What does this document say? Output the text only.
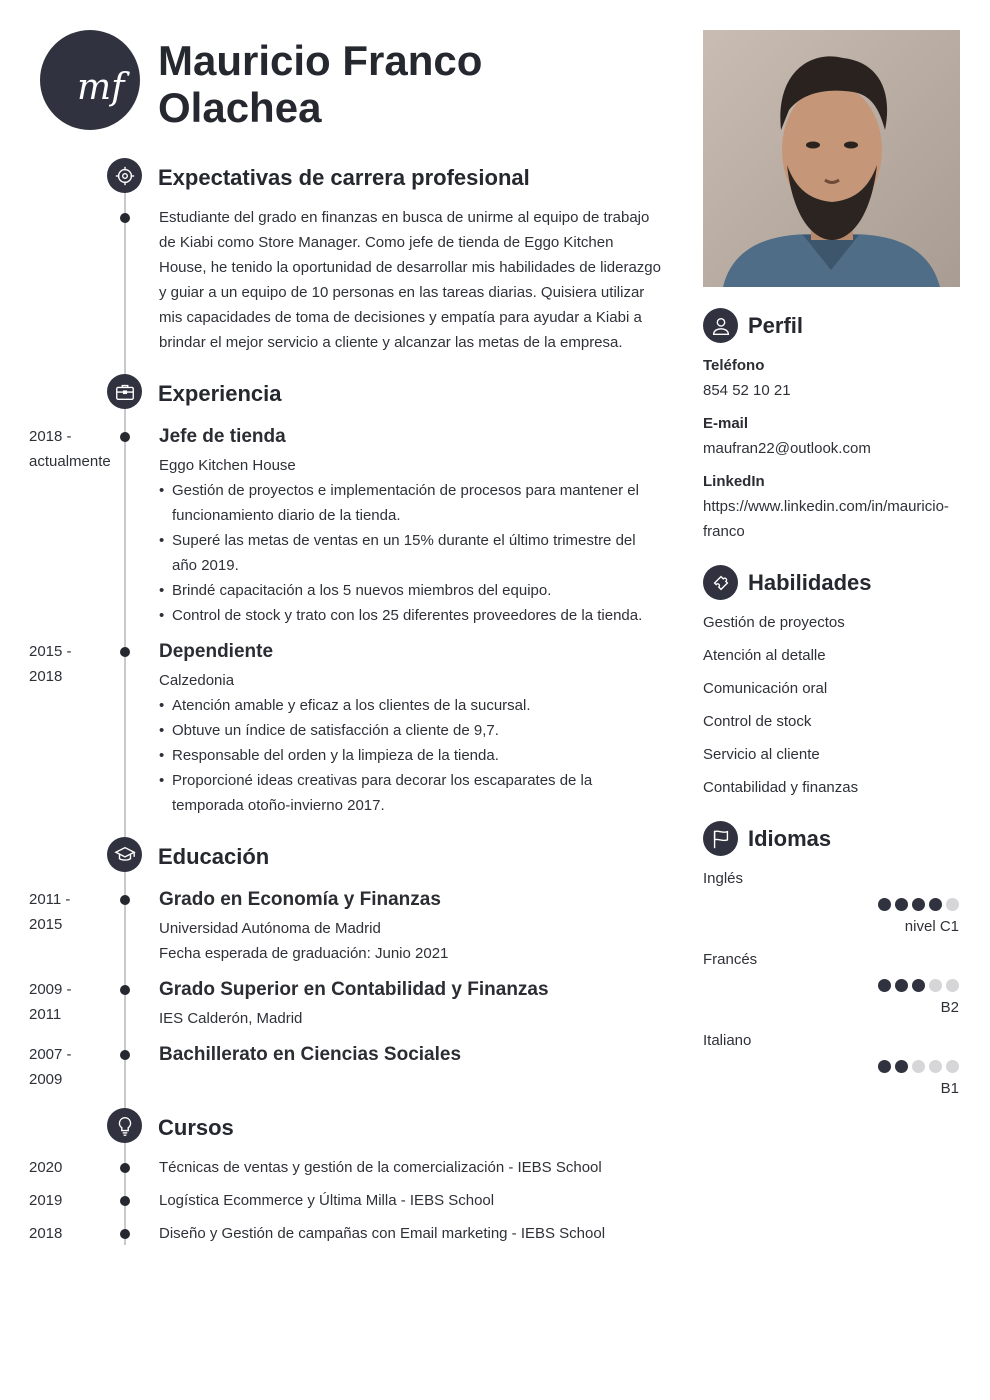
mf
Mauricio Franco
Olachea
Expectativas de carrera profesional
Estudiante del grado en finanzas en busca de unirme al equipo de trabajo
de Kiabi como Store Manager. Como jefe de tienda de Eggo Kitchen
House, he tenido la oportunidad de desarrollar mis habilidades de liderazgo
y guiar a un equipo de 10 personas en las tareas diarias. Quisiera utilizar
mis capacidades de toma de decisiones y empatía para ayudar a Kiabi a
brindar el mejor servicio a cliente y alcanzar las metas de la empresa.
Experiencia
2018 -
actualmente
Jefe de tienda
Eggo Kitchen House
• Gestión de proyectos e implementación de procesos para mantener el
funcionamiento diario de la tienda.
• Superé las metas de ventas en un 15% durante el último trimestre del
año 2019.
• Brindé capacitación a los 5 nuevos miembros del equipo.
• Control de stock y trato con los 25 diferentes proveedores de la tienda.
2015 -
2018
Dependiente
Calzedonia
• Atención amable y eficaz a los clientes de la sucursal.
• Obtuve un índice de satisfacción a cliente de 9,7.
• Responsable del orden y la limpieza de la tienda.
• Proporcioné ideas creativas para decorar los escaparates de la
temporada otoño-invierno 2017.
Educación
2011 -
2015
Grado en Economía y Finanzas
Universidad Autónoma de Madrid
Fecha esperada de graduación: Junio 2021
2009 -
2011
Grado Superior en Contabilidad y Finanzas
IES Calderón, Madrid
2007 -
2009
Bachillerato en Ciencias Sociales
Cursos
2020	Técnicas de ventas y gestión de la comercialización - IEBS School
2019	Logística Ecommerce y Última Milla - IEBS School
2018	Diseño y Gestión de campañas con Email marketing - IEBS School
Perfil
Teléfono
854 52 10 21
E-mail
maufran22@outlook.com
LinkedIn
https://www.linkedin.com/in/mauricio-
franco
Habilidades
Gestión de proyectos
Atención al detalle
Comunicación oral
Control de stock
Servicio al cliente
Contabilidad y finanzas
Idiomas
Inglés
nivel C1
Francés
B2
Italiano
B1
